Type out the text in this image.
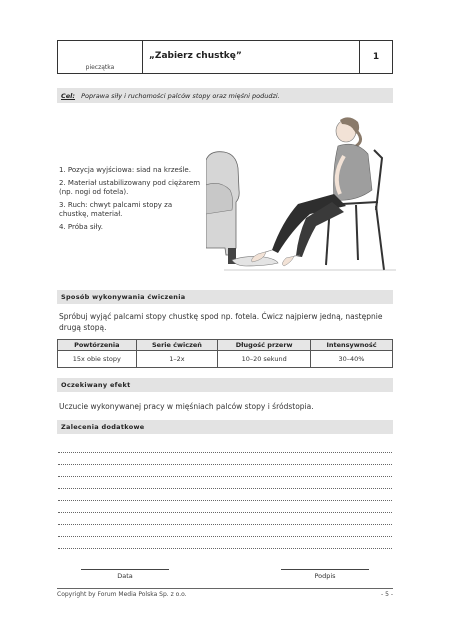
pieczątka
„Zabierz chustkę”	1
Cel: Poprawa siły i ruchomości palców stopy oraz mięśni podudzi.
1. Pozycja wyjściowa: siad na krześle.
2. Materiał ustabilizowany pod ciężarem (np. nogi od fotela).
3. Ruch: chwyt palcami stopy za chustkę, materiał.
4. Próba siły.
Sposób wykonywania ćwiczenia
Spróbuj wyjąć palcami stopy chustkę spod np. fotela. Ćwicz najpierw jedną, następnie drugą stopą.
Powtórzenia	Serie ćwiczeń	Długość przerw	Intensywność
15x obie stopy	1–2x	10–20 sekund	30–40%
Oczekiwany efekt
Uczucie wykonywanej pracy w mięśniach palców stopy i śródstopia.
Zalecenia dodatkowe
Data	Podpis
Copyright by Forum Media Polska Sp. z o.o.	- 5 -
